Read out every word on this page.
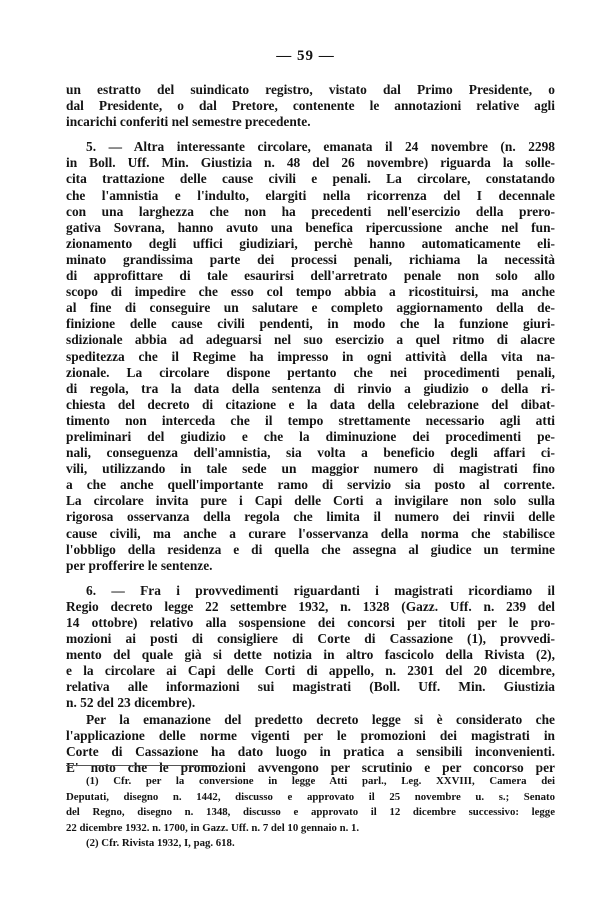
— 59 —
un estratto del suindicato registro, vistato dal Primo Presidente, o
dal Presidente, o dal Pretore, contenente le annotazioni relative agli
incarichi conferiti nel semestre precedente.
5. — Altra interessante circolare, emanata il 24 novembre (n. 2298
in Boll. Uff. Min. Giustizia n. 48 del 26 novembre) riguarda la solle-
cita trattazione delle cause civili e penali. La circolare, constatando
che l'amnistia e l'indulto, elargiti nella ricorrenza del I decennale
con una larghezza che non ha precedenti nell'esercizio della prero-
gativa Sovrana, hanno avuto una benefica ripercussione anche nel fun-
zionamento degli uffici giudiziari, perchè hanno automaticamente eli-
minato grandissima parte dei processi penali, richiama la necessità
di approfittare di tale esaurirsi dell'arretrato penale non solo allo
scopo di impedire che esso col tempo abbia a ricostituirsi, ma anche
al fine di conseguire un salutare e completo aggiornamento della de-
finizione delle cause civili pendenti, in modo che la funzione giuri-
sdizionale abbia ad adeguarsi nel suo esercizio a quel ritmo di alacre
speditezza che il Regime ha impresso in ogni attività della vita na-
zionale. La circolare dispone pertanto che nei procedimenti penali,
di regola, tra la data della sentenza di rinvio a giudizio o della ri-
chiesta del decreto di citazione e la data della celebrazione del dibat-
timento non interceda che il tempo strettamente necessario agli atti
preliminari del giudizio e che la diminuzione dei procedimenti pe-
nali, conseguenza dell'amnistia, sia volta a beneficio degli affari ci-
vili, utilizzando in tale sede un maggior numero di magistrati fino
a che anche quell'importante ramo di servizio sia posto al corrente.
La circolare invita pure i Capi delle Corti a invigilare non solo sulla
rigorosa osservanza della regola che limita il numero dei rinvii delle
cause civili, ma anche a curare l'osservanza della norma che stabilisce
l'obbligo della residenza e di quella che assegna al giudice un termine
per profferire le sentenze.
6. — Fra i provvedimenti riguardanti i magistrati ricordiamo il
Regio decreto legge 22 settembre 1932, n. 1328 (Gazz. Uff. n. 239 del
14 ottobre) relativo alla sospensione dei concorsi per titoli per le pro-
mozioni ai posti di consigliere di Corte di Cassazione (1), provvedi-
mento del quale già si dette notizia in altro fascicolo della Rivista (2),
e la circolare ai Capi delle Corti di appello, n. 2301 del 20 dicembre,
relativa alle informazioni sui magistrati (Boll. Uff. Min. Giustizia
n. 52 del 23 dicembre).
Per la emanazione del predetto decreto legge si è considerato che
l'applicazione delle norme vigenti per le promozioni dei magistrati in
Corte di Cassazione ha dato luogo in pratica a sensibili inconvenienti.
E' noto che le promozioni avvengono per scrutinio e per concorso per
(1) Cfr. per la conversione in legge Atti parl., Leg. XXVIII, Camera dei
Deputati, disegno n. 1442, discusso e approvato il 25 novembre u. s.; Senato
del Regno, disegno n. 1348, discusso e approvato il 12 dicembre successivo: legge
22 dicembre 1932. n. 1700, in Gazz. Uff. n. 7 del 10 gennaio n. 1.
(2) Cfr. Rivista 1932, I, pag. 618.
